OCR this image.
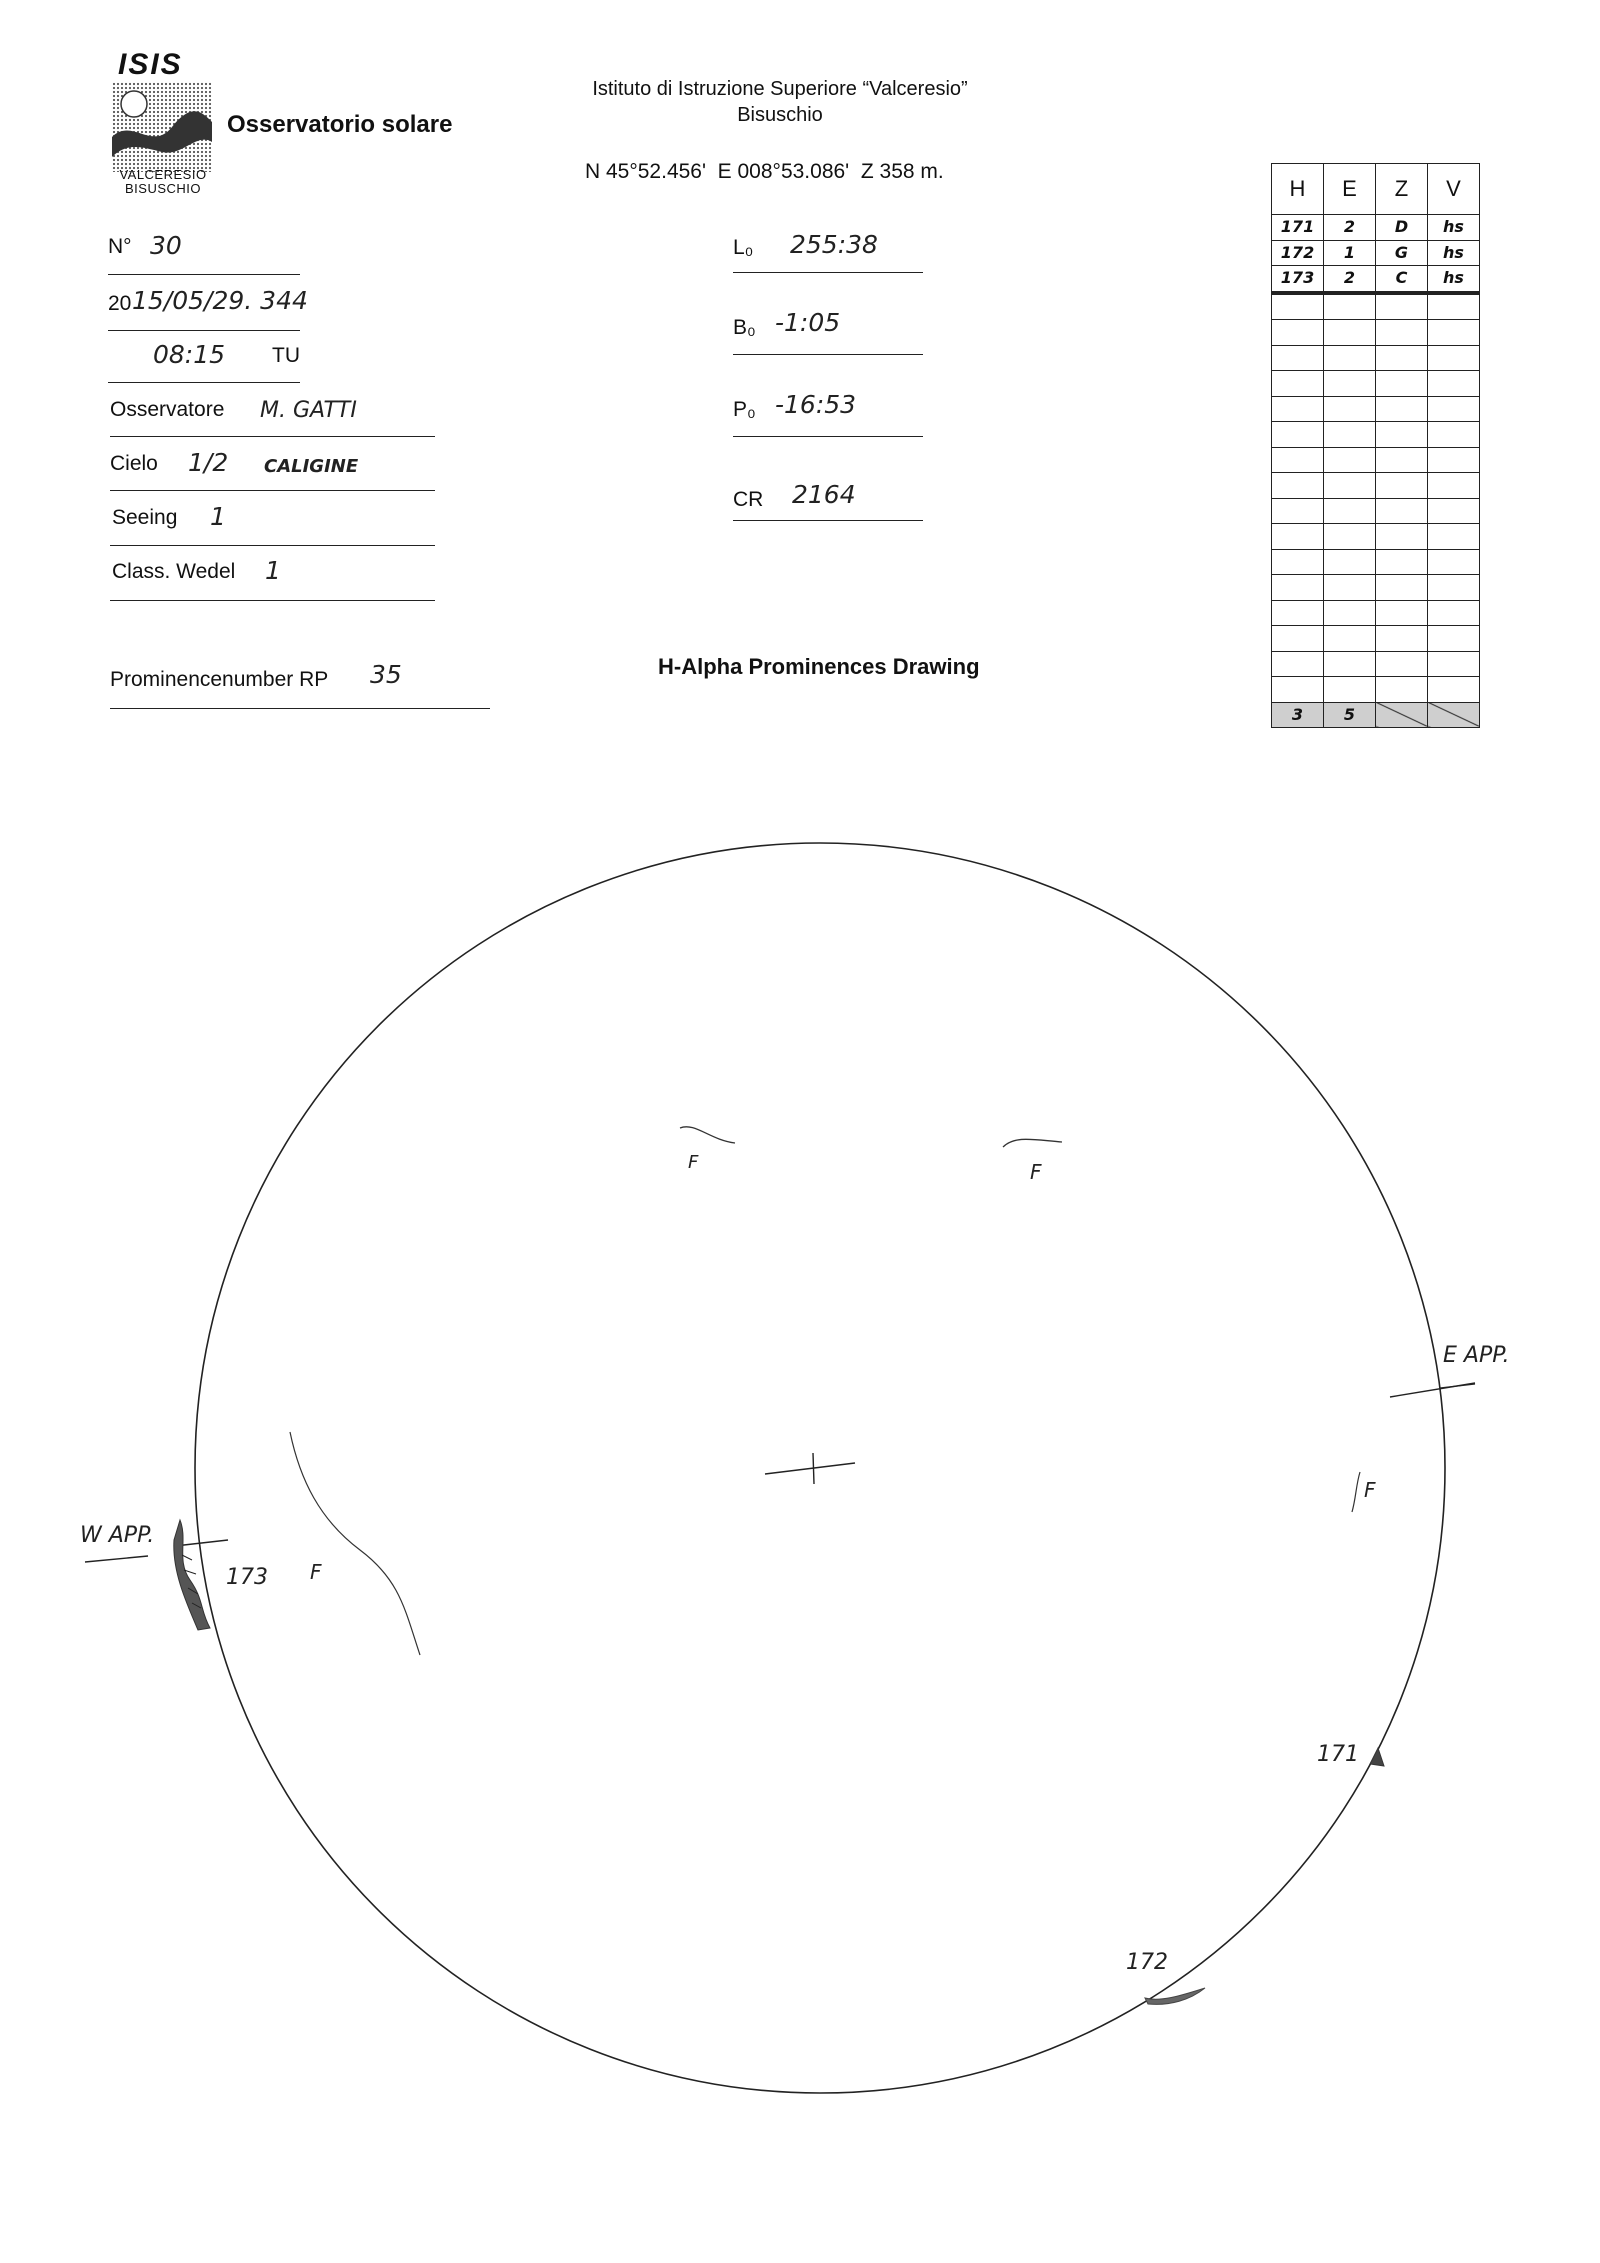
ISIS
VALCERESIO
BISUSCHIO
Osservatorio solare
Istituto di Istruzione Superiore “Valceresio”
Bisuschio
N 45°52.456'  E 008°53.086'  Z 358 m.
N° 30
20 15/05/29. 344
08:15 TU
Osservatore M. GATTI
Cielo 1/2 CALIGINE
Seeing 1
Class. Wedel 1
Prominencenumber RP 35
L₀ 255:38
B₀ -1:05
P₀ -16:53
CR 2164
H-Alpha Prominences Drawing
H	E	Z	V
171	2	D	hs
172	1	G	hs
173	2	C	hs

3	5		
E APP.
W APP.
173
171
172
F	F
F
F
